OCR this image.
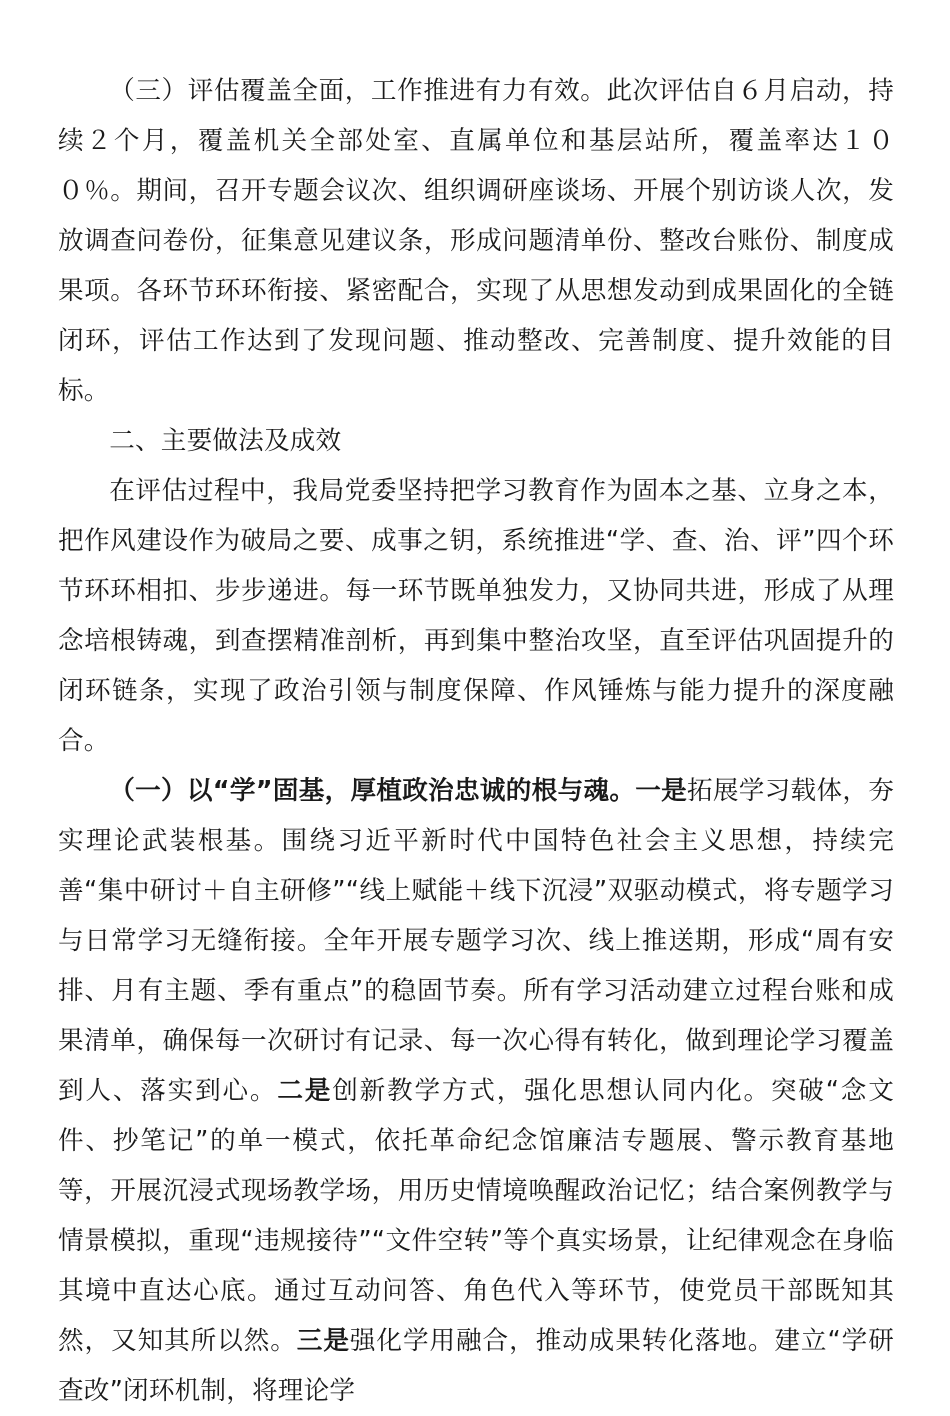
（三）评估覆盖全面，工作推进有力有效。此次评估自６月启动，持续２个月，覆盖机关全部处室、直属单位和基层站所，覆盖率达１００％。期间，召开专题会议次、组织调研座谈场、开展个别访谈人次，发放调查问卷份，征集意见建议条，形成问题清单份、整改台账份、制度成果项。各环节环环衔接、紧密配合，实现了从思想发动到成果固化的全链闭环，评估工作达到了发现问题、推动整改、完善制度、提升效能的目标。

二、主要做法及成效

在评估过程中，我局党委坚持把学习教育作为固本之基、立身之本，把作风建设作为破局之要、成事之钥，系统推进“学、查、治、评”四个环节环环相扣、步步递进。每一环节既单独发力，又协同共进，形成了从理念培根铸魂，到查摆精准剖析，再到集中整治攻坚，直至评估巩固提升的闭环链条，实现了政治引领与制度保障、作风锤炼与能力提升的深度融合。

（一）以“学”固基，厚植政治忠诚的根与魂。一是拓展学习载体，夯实理论武装根基。围绕习近平新时代中国特色社会主义思想，持续完善“集中研讨＋自主研修”“线上赋能＋线下沉浸”双驱动模式，将专题学习与日常学习无缝衔接。全年开展专题学习次、线上推送期，形成“周有安排、月有主题、季有重点”的稳固节奏。所有学习活动建立过程台账和成果清单，确保每一次研讨有记录、每一次心得有转化，做到理论学习覆盖到人、落实到心。二是创新教学方式，强化思想认同内化。突破“念文件、抄笔记”的单一模式，依托革命纪念馆廉洁专题展、警示教育基地等，开展沉浸式现场教学场，用历史情境唤醒政治记忆；结合案例教学与情景模拟，重现“违规接待”“文件空转”等个真实场景，让纪律观念在身临其境中直达心底。通过互动问答、角色代入等环节，使党员干部既知其然，又知其所以然。三是强化学用融合，推动成果转化落地。建立“学研查改”闭环机制，将理论学
